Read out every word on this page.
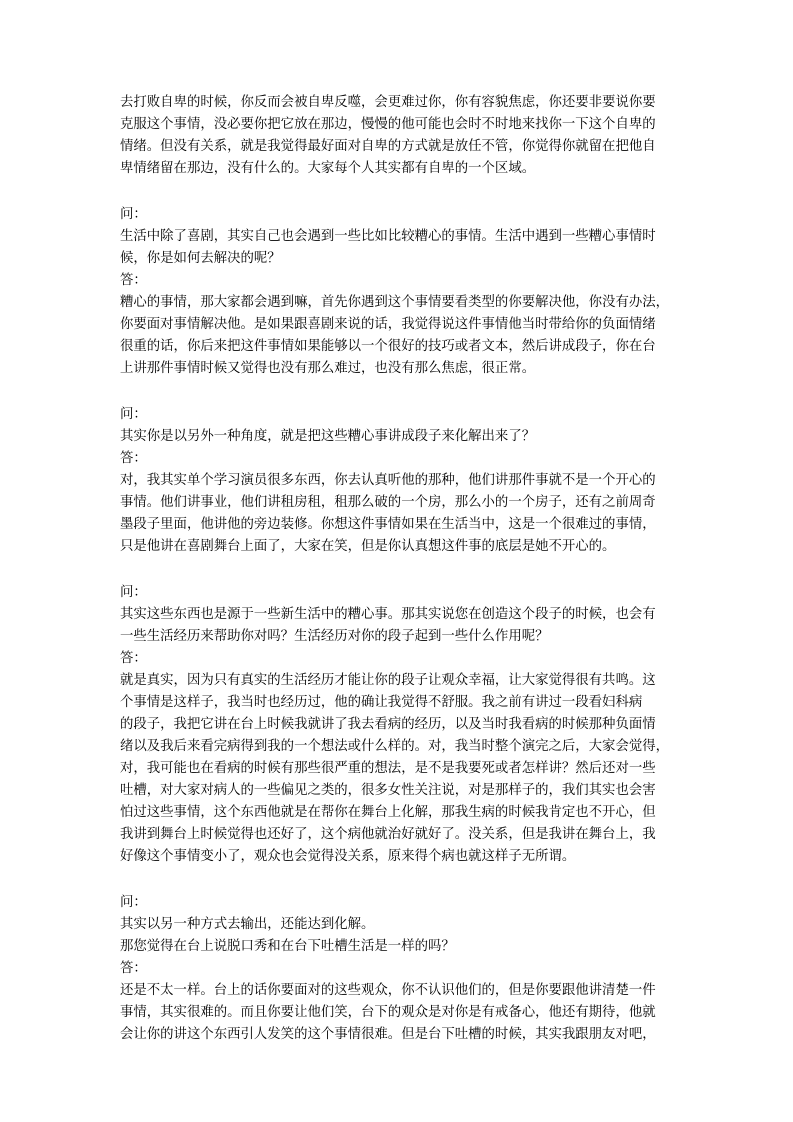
去打败自卑的时候，你反而会被自卑反噬，会更难过你，你有容貌焦虑，你还要非要说你要
克服这个事情，没必要你把它放在那边，慢慢的他可能也会时不时地来找你一下这个自卑的
情绪。但没有关系，就是我觉得最好面对自卑的方式就是放任不管，你觉得你就留在把他自
卑情绪留在那边，没有什么的。大家每个人其实都有自卑的一个区域。
问：
生活中除了喜剧，其实自己也会遇到一些比如比较糟心的事情。生活中遇到一些糟心事情时
候，你是如何去解决的呢？
答：
糟心的事情，那大家都会遇到嘛，首先你遇到这个事情要看类型的你要解决他，你没有办法，
你要面对事情解决他。是如果跟喜剧来说的话，我觉得说这件事情他当时带给你的负面情绪
很重的话，你后来把这件事情如果能够以一个很好的技巧或者文本，然后讲成段子，你在台
上讲那件事情时候又觉得也没有那么难过，也没有那么焦虑，很正常。
问：
其实你是以另外一种角度，就是把这些糟心事讲成段子来化解出来了？
答：
对，我其实单个学习演员很多东西，你去认真听他的那种，他们讲那件事就不是一个开心的
事情。他们讲事业，他们讲租房租，租那么破的一个房，那么小的一个房子，还有之前周奇
墨段子里面，他讲他的旁边装修。你想这件事情如果在生活当中，这是一个很难过的事情，
只是他讲在喜剧舞台上面了，大家在笑，但是你认真想这件事的底层是她不开心的。
问：
其实这些东西也是源于一些新生活中的糟心事。那其实说您在创造这个段子的时候，也会有
一些生活经历来帮助你对吗？生活经历对你的段子起到一些什么作用呢？
答：
就是真实，因为只有真实的生活经历才能让你的段子让观众幸福，让大家觉得很有共鸣。这
个事情是这样子，我当时也经历过，他的确让我觉得不舒服。我之前有讲过一段看妇科病
的段子，我把它讲在台上时候我就讲了我去看病的经历，以及当时我看病的时候那种负面情
绪以及我后来看完病得到我的一个想法或什么样的。对，我当时整个演完之后，大家会觉得，
对，我可能也在看病的时候有那些很严重的想法，是不是我要死或者怎样讲？然后还对一些
吐槽，对大家对病人的一些偏见之类的，很多女性关注说，对是那样子的，我们其实也会害
怕过这些事情，这个东西他就是在帮你在舞台上化解，那我生病的时候我肯定也不开心，但
我讲到舞台上时候觉得也还好了，这个病他就治好就好了。没关系，但是我讲在舞台上，我
好像这个事情变小了，观众也会觉得没关系，原来得个病也就这样子无所谓。
问：
其实以另一种方式去输出，还能达到化解。
那您觉得在台上说脱口秀和在台下吐槽生活是一样的吗？
答：
还是不太一样。台上的话你要面对的这些观众，你不认识他们的，但是你要跟他讲清楚一件
事情，其实很难的。而且你要让他们笑，台下的观众是对你是有戒备心，他还有期待，他就
会让你的讲这个东西引人发笑的这个事情很难。但是台下吐槽的时候，其实我跟朋友对吧，
